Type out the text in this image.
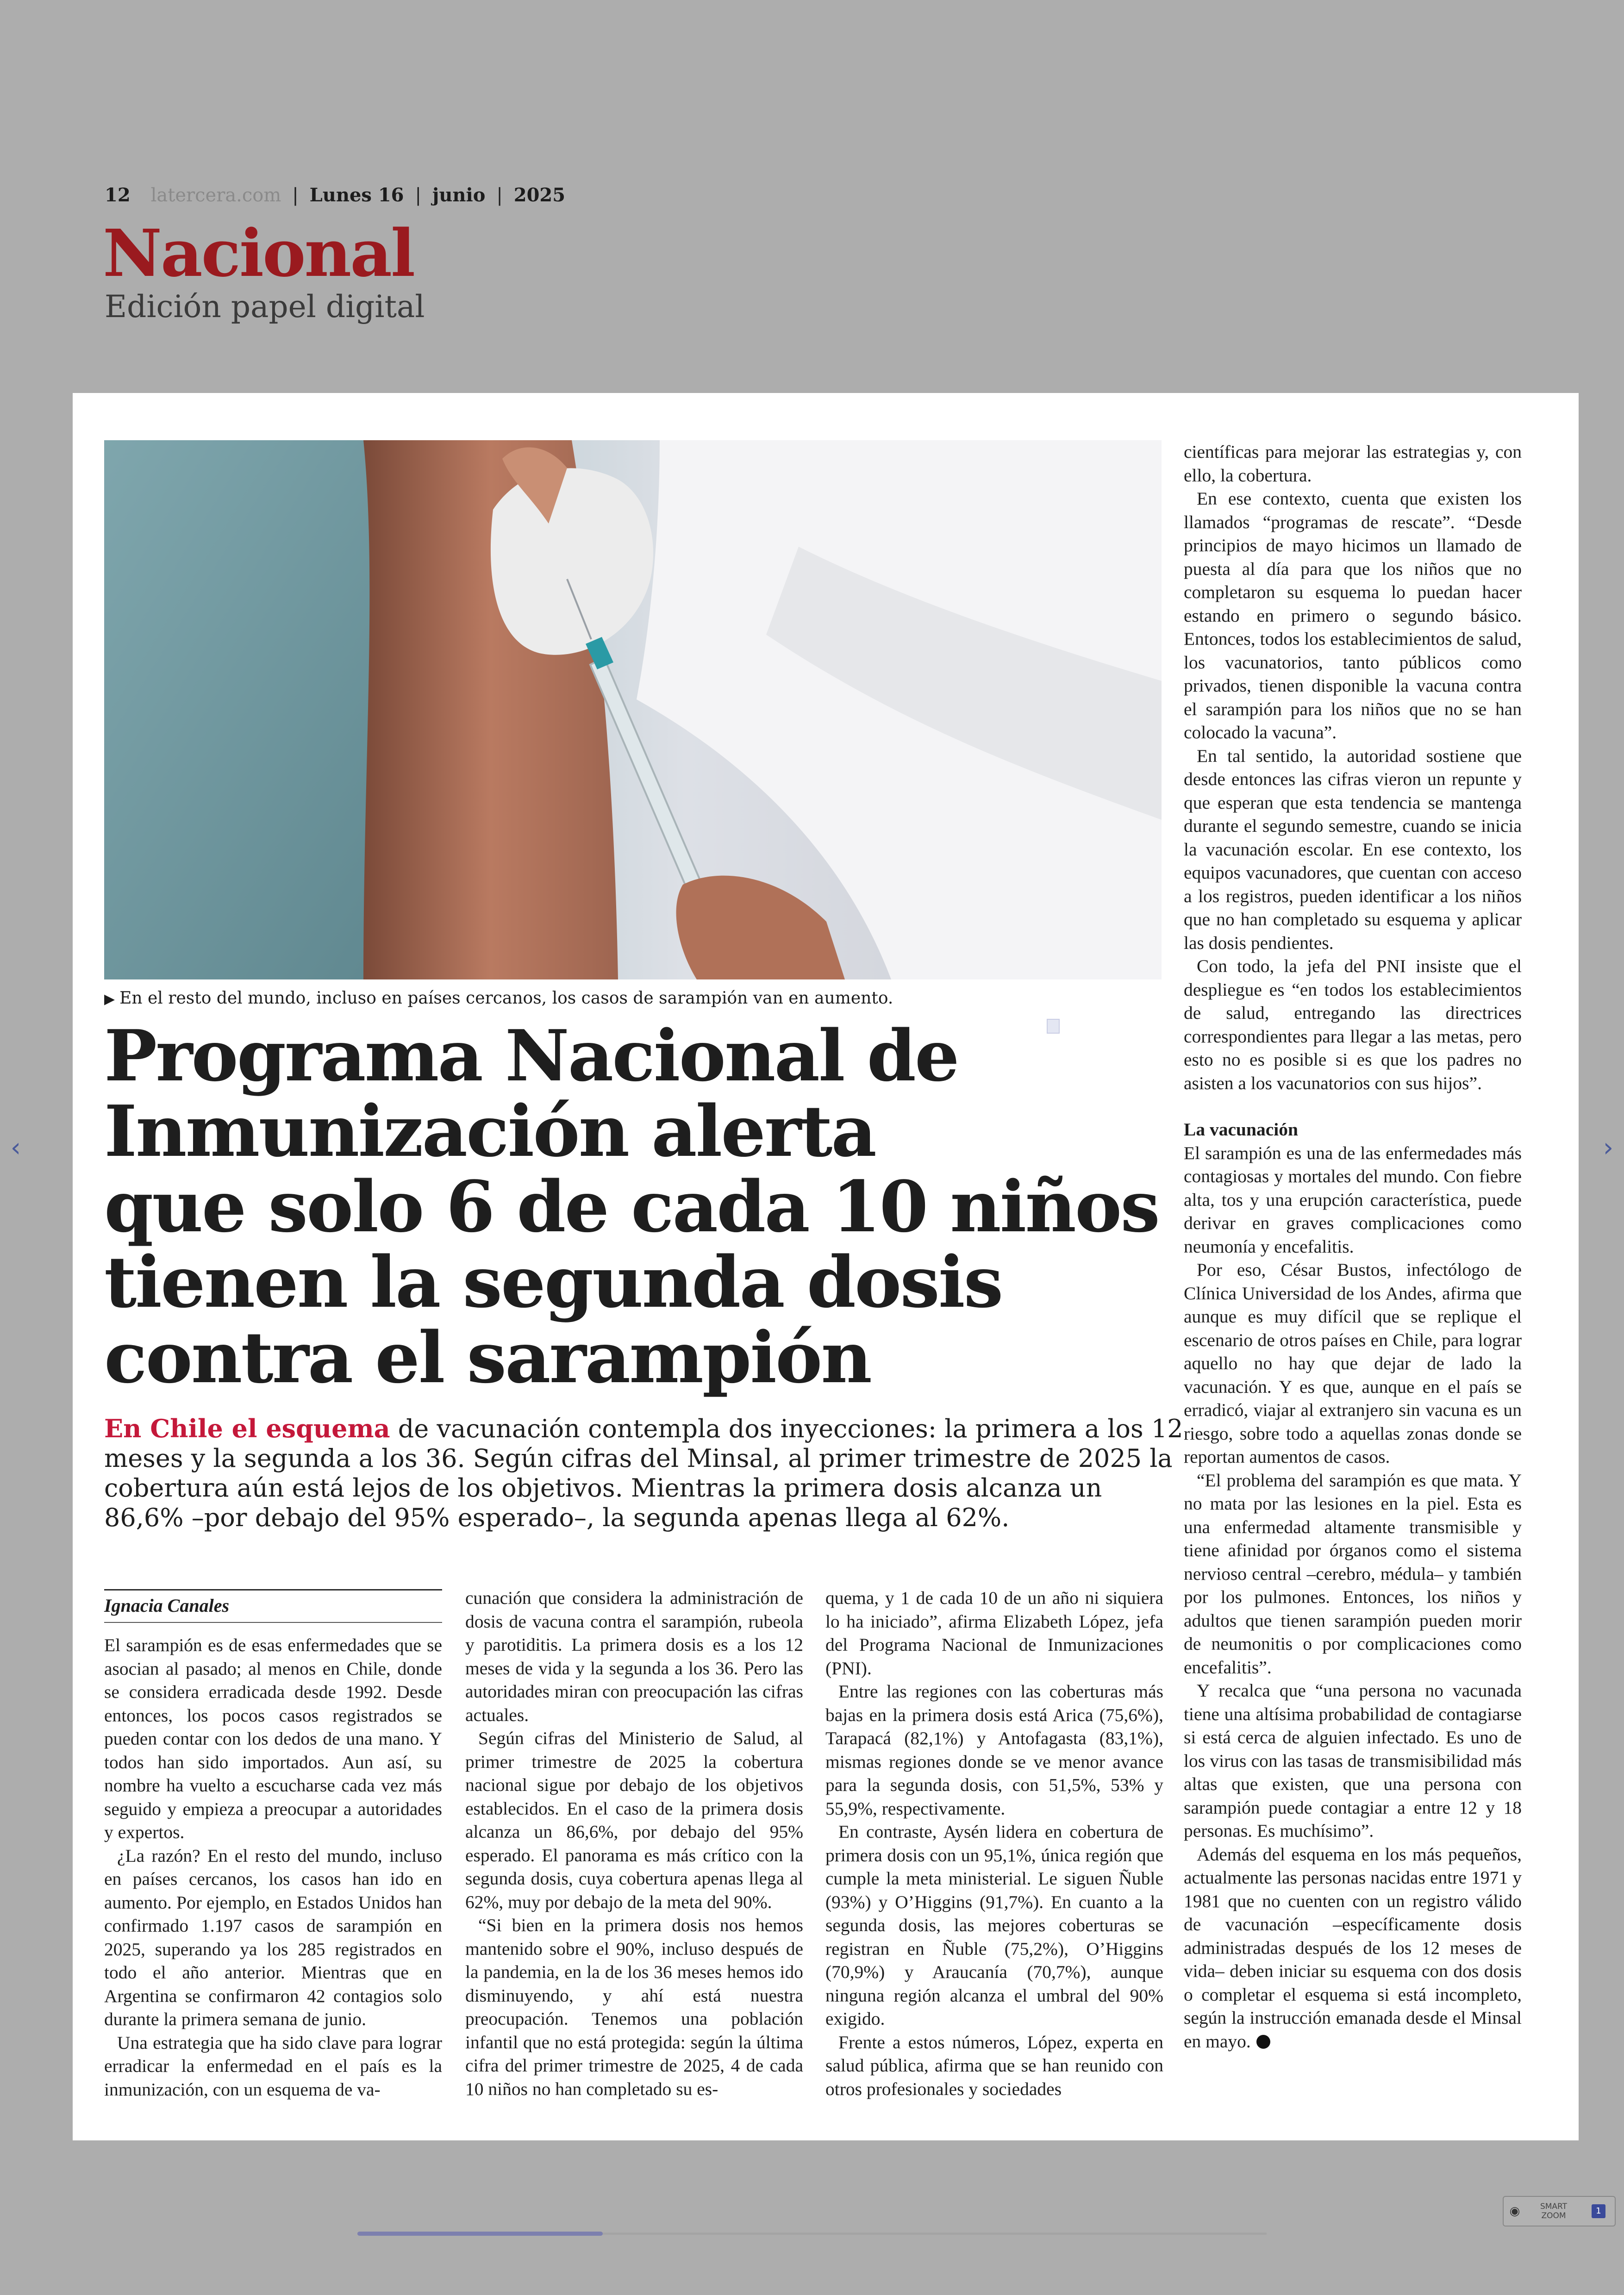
12 latercera.com | Lunes 16 | junio | 2025
Nacional
Edición papel digital
‹	›
▶ En el resto del mundo, incluso en países cercanos, los casos de sarampión van en aumento.
Programa Nacional de
Inmunización alerta
que solo 6 de cada 10 niños
tienen la segunda dosis
contra el sarampión
En Chile el esquema de vacunación contempla dos inyecciones: la primera a los 12
meses y la segunda a los 36. Según cifras del Minsal, al primer trimestre de 2025 la
cobertura aún está lejos de los objetivos. Mientras la primera dosis alcanza un
86,6% –por debajo del 95% esperado–, la segunda apenas llega al 62%.
Ignacia Canales

El sarampión es de esas enfermedades que se asocian al pasado; al menos en Chile, donde se considera erradicada desde 1992. Desde entonces, los pocos casos registrados se pueden contar con los dedos de una mano. Y todos han sido importados. Aun así, su nombre ha vuelto a escucharse cada vez más seguido y empieza a preocupar a autoridades y expertos.

¿La razón? En el resto del mundo, incluso en países cercanos, los casos han ido en aumento. Por ejemplo, en Estados Unidos han confirmado 1.197 casos de sarampión en 2025, superando ya los 285 registrados en todo el año anterior. Mientras que en Argentina se confirmaron 42 contagios solo durante la primera semana de junio.

Una estrategia que ha sido clave para lograr erradicar la enfermedad en el país es la inmunización, con un esquema de va-

cunación que considera la administración de dosis de vacuna contra el sarampión, rubeola y parotiditis. La primera dosis es a los 12 meses de vida y la segunda a los 36. Pero las autoridades miran con preocupación las cifras actuales.

Según cifras del Ministerio de Salud, al primer trimestre de 2025 la cobertura nacional sigue por debajo de los objetivos establecidos. En el caso de la primera dosis alcanza un 86,6%, por debajo del 95% esperado. El panorama es más crítico con la segunda dosis, cuya cobertura apenas llega al 62%, muy por debajo de la meta del 90%.

“Si bien en la primera dosis nos hemos mantenido sobre el 90%, incluso después de la pandemia, en la de los 36 meses hemos ido disminuyendo, y ahí está nuestra preocupación. Tenemos una población infantil que no está protegida: según la última cifra del primer trimestre de 2025, 4 de cada 10 niños no han completado su es-

quema, y 1 de cada 10 de un año ni siquiera lo ha iniciado”, afirma Elizabeth López, jefa del Programa Nacional de Inmunizaciones (PNI).

Entre las regiones con las coberturas más bajas en la primera dosis está Arica (75,6%), Tarapacá (82,1%) y Antofagasta (83,1%), mismas regiones donde se ve menor avance para la segunda dosis, con 51,5%, 53% y 55,9%, respectivamente.

En contraste, Aysén lidera en cobertura de primera dosis con un 95,1%, única región que cumple la meta ministerial. Le siguen Ñuble (93%) y O’Higgins (91,7%). En cuanto a la segunda dosis, las mejores coberturas se registran en Ñuble (75,2%), O’Higgins (70,9%) y Araucanía (70,7%), aunque ninguna región alcanza el umbral del 90% exigido.

Frente a estos números, López, experta en salud pública, afirma que se han reunido con otros profesionales y sociedades

científicas para mejorar las estrategias y, con ello, la cobertura.

En ese contexto, cuenta que existen los llamados “programas de rescate”. “Desde principios de mayo hicimos un llamado de puesta al día para que los niños que no completaron su esquema lo puedan hacer estando en primero o segundo básico. Entonces, todos los establecimientos de salud, los vacunatorios, tanto públicos como privados, tienen disponible la vacuna contra el sarampión para los niños que no se han colocado la vacuna”.

En tal sentido, la autoridad sostiene que desde entonces las cifras vieron un repunte y que esperan que esta tendencia se mantenga durante el segundo semestre, cuando se inicia la vacunación escolar. En ese contexto, los equipos vacunadores, que cuentan con acceso a los registros, pueden identificar a los niños que no han completado su esquema y aplicar las dosis pendientes.

Con todo, la jefa del PNI insiste que el despliegue es “en todos los establecimientos de salud, entregando las directrices correspondientes para llegar a las metas, pero esto no es posible si es que los padres no asisten a los vacunatorios con sus hijos”.

La vacunación

El sarampión es una de las enfermedades más contagiosas y mortales del mundo. Con fiebre alta, tos y una erupción característica, puede derivar en graves complicaciones como neumonía y encefalitis.

Por eso, César Bustos, infectólogo de Clínica Universidad de los Andes, afirma que aunque es muy difícil que se replique el escenario de otros países en Chile, para lograr aquello no hay que dejar de lado la vacunación. Y es que, aunque en el país se erradicó, viajar al extranjero sin vacuna es un riesgo, sobre todo a aquellas zonas donde se reportan aumentos de casos.

“El problema del sarampión es que mata. Y no mata por las lesiones en la piel. Esta es una enfermedad altamente transmisible y tiene afinidad por órganos como el sistema nervioso central –cerebro, médula– y también por los pulmones. Entonces, los niños y adultos que tienen sarampión pueden morir de neumonitis o por complicaciones como encefalitis”.

Y recalca que “una persona no vacunada tiene una altísima probabilidad de contagiarse si está cerca de alguien infectado. Es uno de los virus con las tasas de transmisibilidad más altas que existen, que una persona con sarampión puede contagiar a entre 12 y 18 personas. Es muchísimo”.

Además del esquema en los más pequeños, actualmente las personas nacidas entre 1971 y 1981 que no cuenten con un registro válido de vacunación –específicamente dosis administradas después de los 12 meses de vida– deben iniciar su esquema con dos dosis o completar el esquema si está incompleto, según la instrucción emanada desde el Minsal en mayo.

◉	SMART
ZOOM	1
